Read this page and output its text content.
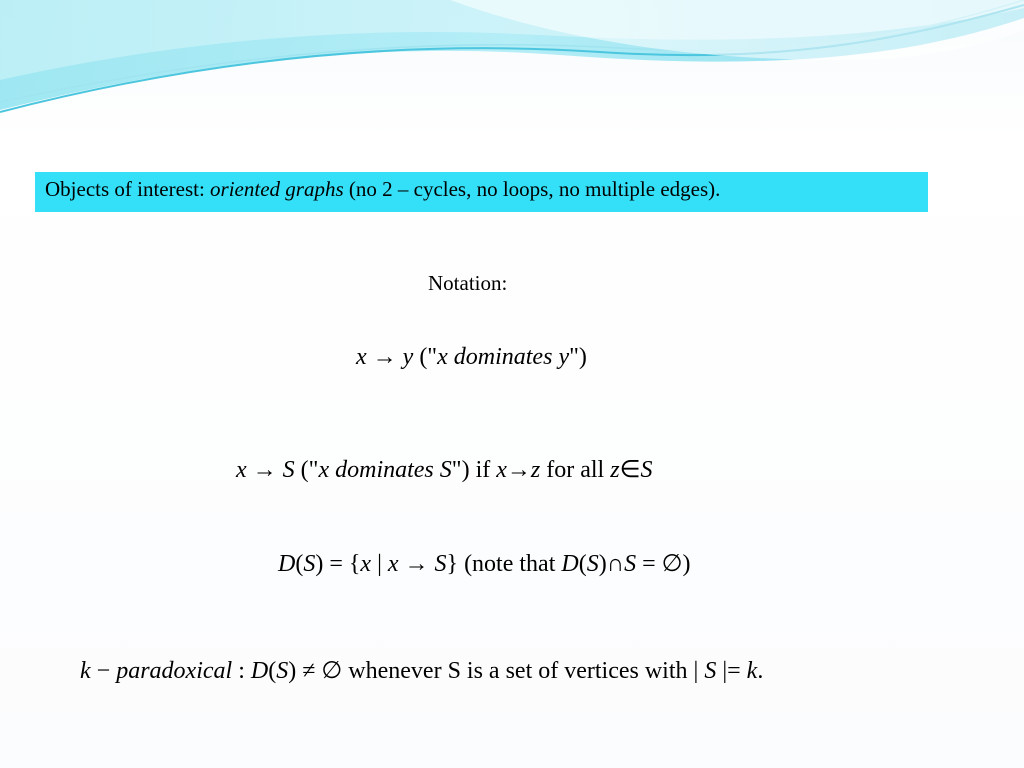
Objects of interest: oriented graphs (no 2 – cycles, no loops, no multiple edges).
Notation:
x → y ("x dominates y")
x → S ("x dominates S") if x→z for all z∈S
D(S) = {x | x → S} (note that D(S)∩S = ∅)
k − paradoxical : D(S) ≠ ∅ whenever S is a set of vertices with | S |= k.
